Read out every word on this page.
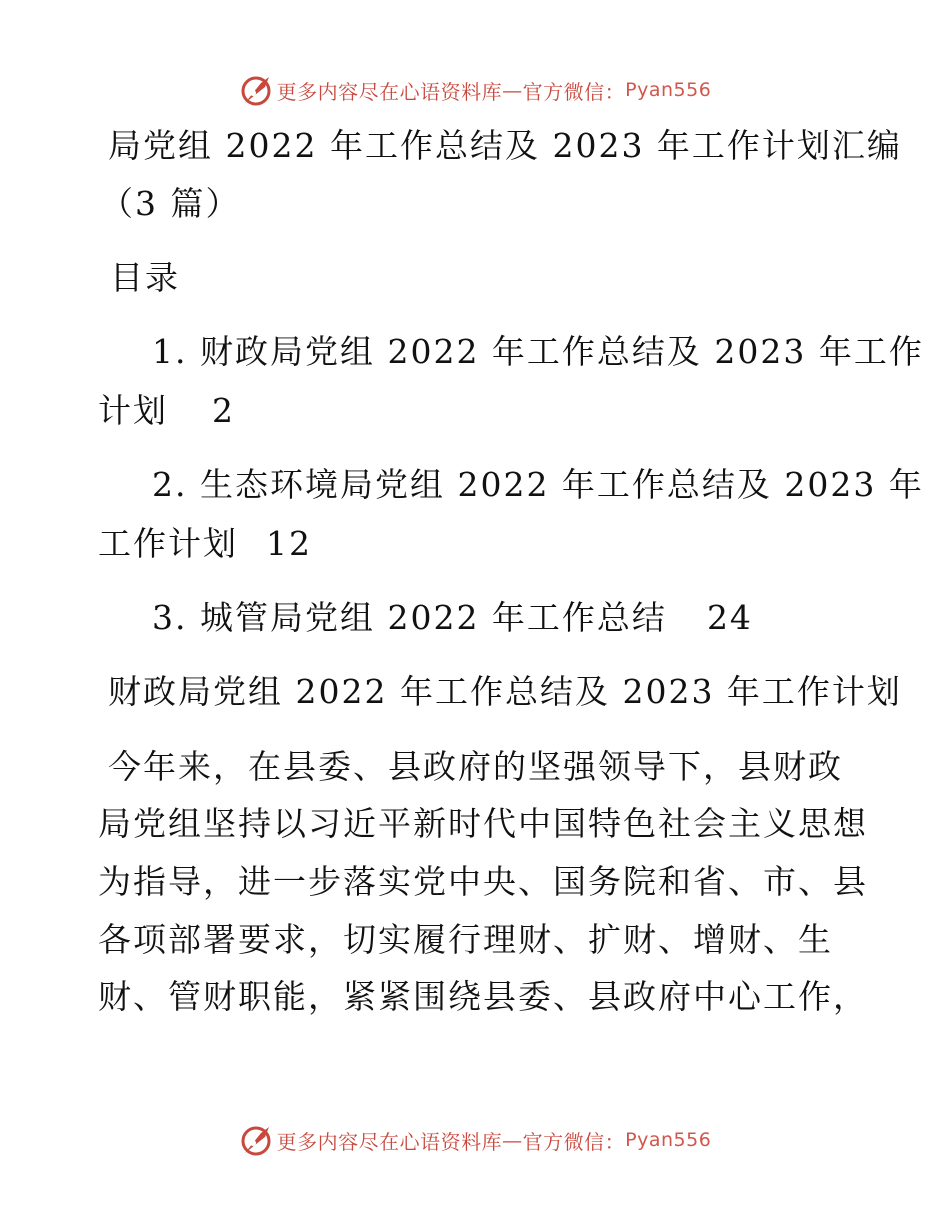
更多内容尽在心语资料库 — 官方微信： Pyan556
局党组 2022 年工作总结及 2023 年工作计划汇编
（3 篇）
目录
1. 财政局党组 2022 年工作总结及 2023 年工作
计划 2
2. 生态环境局党组 2022 年工作总结及 2023 年
工作计划 12
3. 城管局党组 2022 年工作总结 24
财政局党组 2022 年工作总结及 2023 年工作计划
今年来，在县委、县政府的坚强领导下，县财政
局党组坚持以习近平新时代中国特色社会主义思想
为指导，进一步落实党中央、国务院和省、市、县
各项部署要求，切实履行理财、扩财、增财、生
财、管财职能，紧紧围绕县委、县政府中心工作，
更多内容尽在心语资料库 — 官方微信： Pyan556
